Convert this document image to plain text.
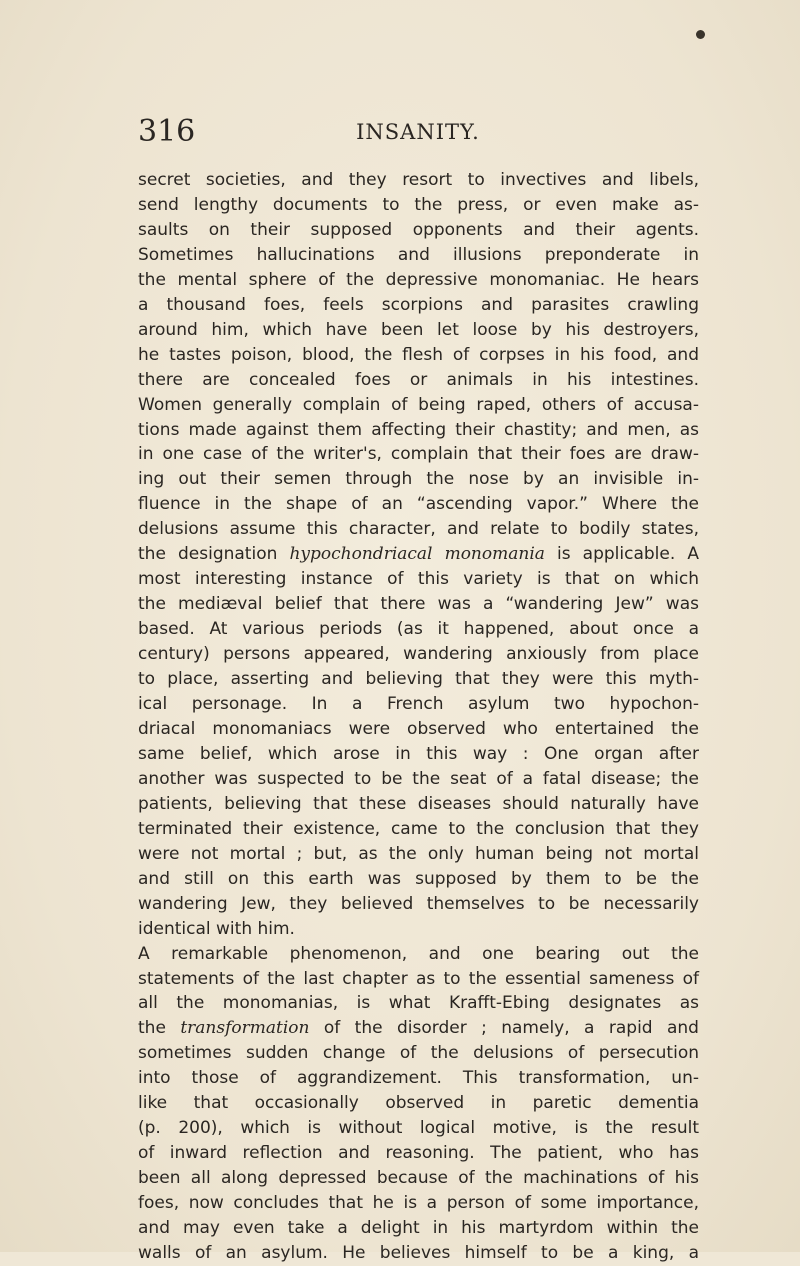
316	INSANITY.

secret societies, and they resort to invectives and libels,

send lengthy documents to the press, or even make as-

saults on their supposed opponents and their agents.

Sometimes hallucinations and illusions preponderate in

the mental sphere of the depressive monomaniac. He hears

a thousand foes, feels scorpions and parasites crawling

around him, which have been let loose by his destroyers,

he tastes poison, blood, the flesh of corpses in his food, and

there are concealed foes or animals in his intestines.

Women generally complain of being raped, others of accusa-

tions made against them affecting their chastity; and men, as

in one case of the writer's, complain that their foes are draw-

ing out their semen through the nose by an invisible in-

fluence in the shape of an “ascending vapor.” Where the

delusions assume this character, and relate to bodily states,

the designation hypochondriacal monomania is applicable. A

most interesting instance of this variety is that on which

the mediæval belief that there was a “wandering Jew” was

based. At various periods (as it happened, about once a

century) persons appeared, wandering anxiously from place

to place, asserting and believing that they were this myth-

ical personage. In a French asylum two hypochon-

driacal monomaniacs were observed who entertained the

same belief, which arose in this way : One organ after

another was suspected to be the seat of a fatal disease; the

patients, believing that these diseases should naturally have

terminated their existence, came to the conclusion that they

were not mortal ; but, as the only human being not mortal

and still on this earth was supposed by them to be the

wandering Jew, they believed themselves to be necessarily

identical with him.

A remarkable phenomenon, and one bearing out the

statements of the last chapter as to the essential sameness of

all the monomanias, is what Krafft-Ebing designates as

the transformation of the disorder ; namely, a rapid and

sometimes sudden change of the delusions of persecution

into those of aggrandizement. This transformation, un-

like that occasionally observed in paretic dementia

(p. 200), which is without logical motive, is the result

of inward reflection and reasoning. The patient, who has

been all along depressed because of the machinations of his

foes, now concludes that he is a person of some importance,

and may even take a delight in his martyrdom within the

walls of an asylum. He believes himself to be a king, a
